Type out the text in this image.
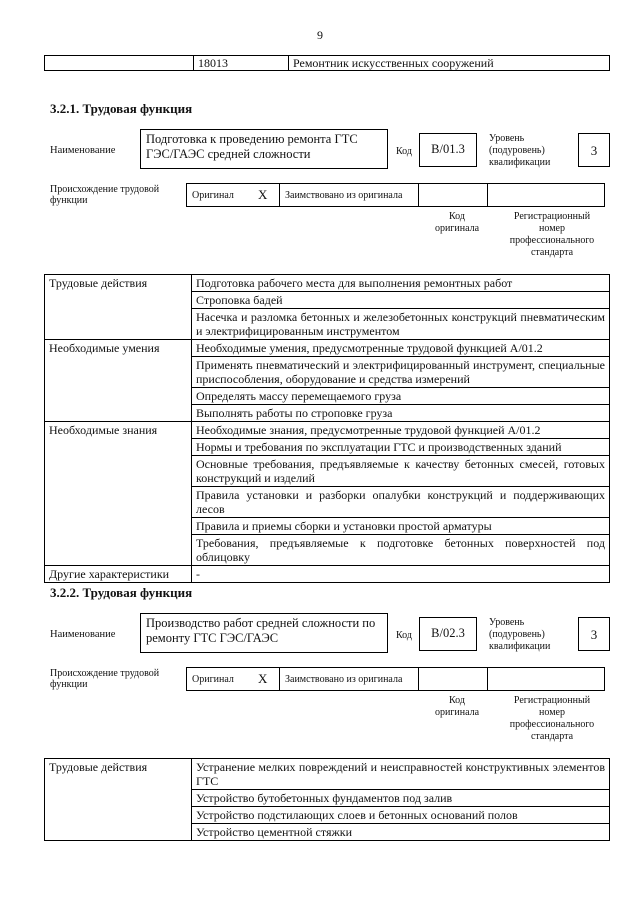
9
	18013	Ремонтник искусственных сооружений
3.2.1. Трудовая функция
Наименование
Подготовка к проведению ремонта ГТС ГЭС/ГАЭС средней сложности	Код	B/01.3
Уровень (подуровень) квалификации
3
Происхождение трудовой функции	Оригинал	X	Заимствовано из оригинала		
Код оригинала
Регистрационный номер профессионального стандарта
Трудовые действия	Подготовка рабочего места для выполнения ремонтных работ
	Строповка бадей
	Насечка и разломка бетонных и железобетонных конструкций пневматическим и электрифицированным инструментом
Необходимые умения	Необходимые умения, предусмотренные трудовой функцией A/01.2
	Применять пневматический и электрифицированный инструмент, специальные приспособления, оборудование и средства измерений
	Определять массу перемещаемого груза
	Выполнять работы по строповке груза
Необходимые знания	Необходимые знания, предусмотренные трудовой функцией A/01.2
	Нормы и требования по эксплуатации ГТС и производственных зданий
	Основные требования, предъявляемые к качеству бетонных смесей, готовых конструкций и изделий
	Правила установки и разборки опалубки конструкций и поддерживающих лесов
	Правила и приемы сборки и установки простой арматуры
	Требования, предъявляемые к подготовке бетонных поверхностей под облицовку
Другие характеристики	-
3.2.2. Трудовая функция
Наименование
Производство работ средней сложности по ремонту ГТС ГЭС/ГАЭС	Код	B/02.3
Уровень (подуровень) квалификации
3
Происхождение трудовой функции	Оригинал	X	Заимствовано из оригинала		
Код оригинала
Регистрационный номер профессионального стандарта
Трудовые действия	Устранение мелких повреждений и неисправностей конструктивных элементов ГТС
Устройство бутобетонных фундаментов под залив
Устройство подстилающих слоев и бетонных оснований полов
Устройство цементной стяжки
